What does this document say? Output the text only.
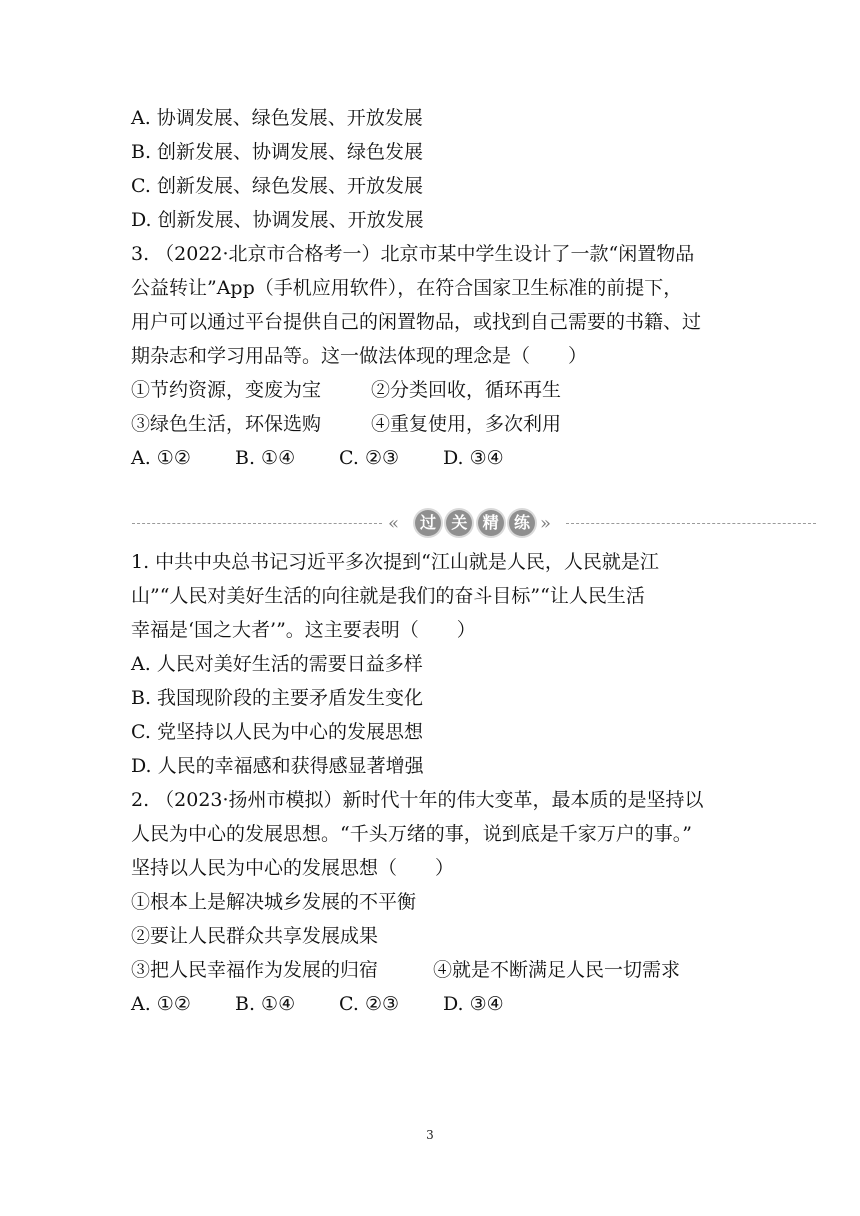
A. 协调发展、绿色发展、开放发展

B. 创新发展、协调发展、绿色发展

C. 创新发展、绿色发展、开放发展

D. 创新发展、协调发展、开放发展

3. （2022·北京市合格考一）北京市某中学生设计了一款“闲置物品

公益转让”App（手机应用软件），在符合国家卫生标准的前提下，

用户可以通过平台提供自己的闲置物品，或找到自己需要的书籍、过

期杂志和学习用品等。这一做法体现的理念是（　　）

①节约资源，变废为宝	②分类回收，循环再生

③绿色生活，环保选购	④重复使用，多次利用

A. ①② B. ①④ C. ②③ D. ③④

«	过 关 精 练 »

1. 中共中央总书记习近平多次提到“江山就是人民，人民就是江

山”“人民对美好生活的向往就是我们的奋斗目标”“让人民生活

幸福是‘国之大者’”。这主要表明（　　）

A. 人民对美好生活的需要日益多样

B. 我国现阶段的主要矛盾发生变化

C. 党坚持以人民为中心的发展思想

D. 人民的幸福感和获得感显著增强

2. （2023·扬州市模拟）新时代十年的伟大变革，最本质的是坚持以

人民为中心的发展思想。“千头万绪的事，说到底是千家万户的事。”

坚持以人民为中心的发展思想（　　）

①根本上是解决城乡发展的不平衡

②要让人民群众共享发展成果

③把人民幸福作为发展的归宿	④就是不断满足人民一切需求

A. ①② B. ①④ C. ②③ D. ③④

3
